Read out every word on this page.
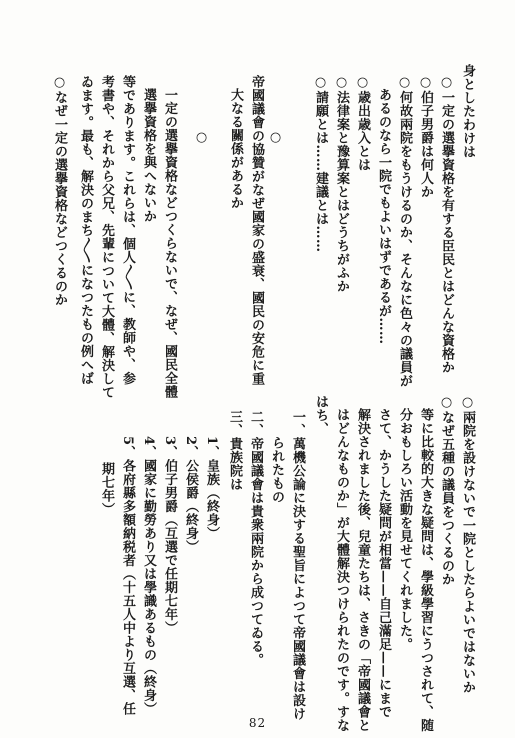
身としたわけは
○一定の選擧資格を有する臣民とはどんな資格か
○伯子男爵は何人か
○何故兩院をもうけるのか、そんなに色々の議員が
あるのなら一院でもよいはずであるが……
○歳出歳入とは
○法律案と豫算案とはどうちがふか
○請願とは……建議とは……
○
帝國議會の協贊がなぜ國家の盛衰、國民の安危に重
大なる關係があるか
○
一定の選擧資格などつくらないで、なぜ、國民全體
選擧資格を與へないか
等であります。これらは、個人〳〵に、教師や、参
考書や、それから父兄、先輩について大體、解決して
ゐます。最も、解決のまち〳〵になつたもの例へば
○なぜ一定の選擧資格などつくるのか
○兩院を設けないで一院としたらよいではないか
○なぜ五種の議員をつくるのか
等に比較的大きな疑問は、學級學習にうつされて、随
分おもしろい活動を見せてくれました。
さて、かうした疑問が相當——自己滿足——にまで
解決されました後、兒童たちは、さきの「帝國議會と
はどんなものか」が大體解決つけられたのです。すな
はち、
一、萬機公論に決する聖旨によつて帝國議會は設け
られたもの
二、帝國議會は貴衆兩院から成つてゐる。
三、貴族院は
1、皇族（終身）
2、公侯爵（終身）
3、伯子男爵（互選で任期七年）
4、國家に勤勞あり又は學識あるもの（終身）
5、各府縣多額納税者（十五人中より互選、任
期七年）
82
